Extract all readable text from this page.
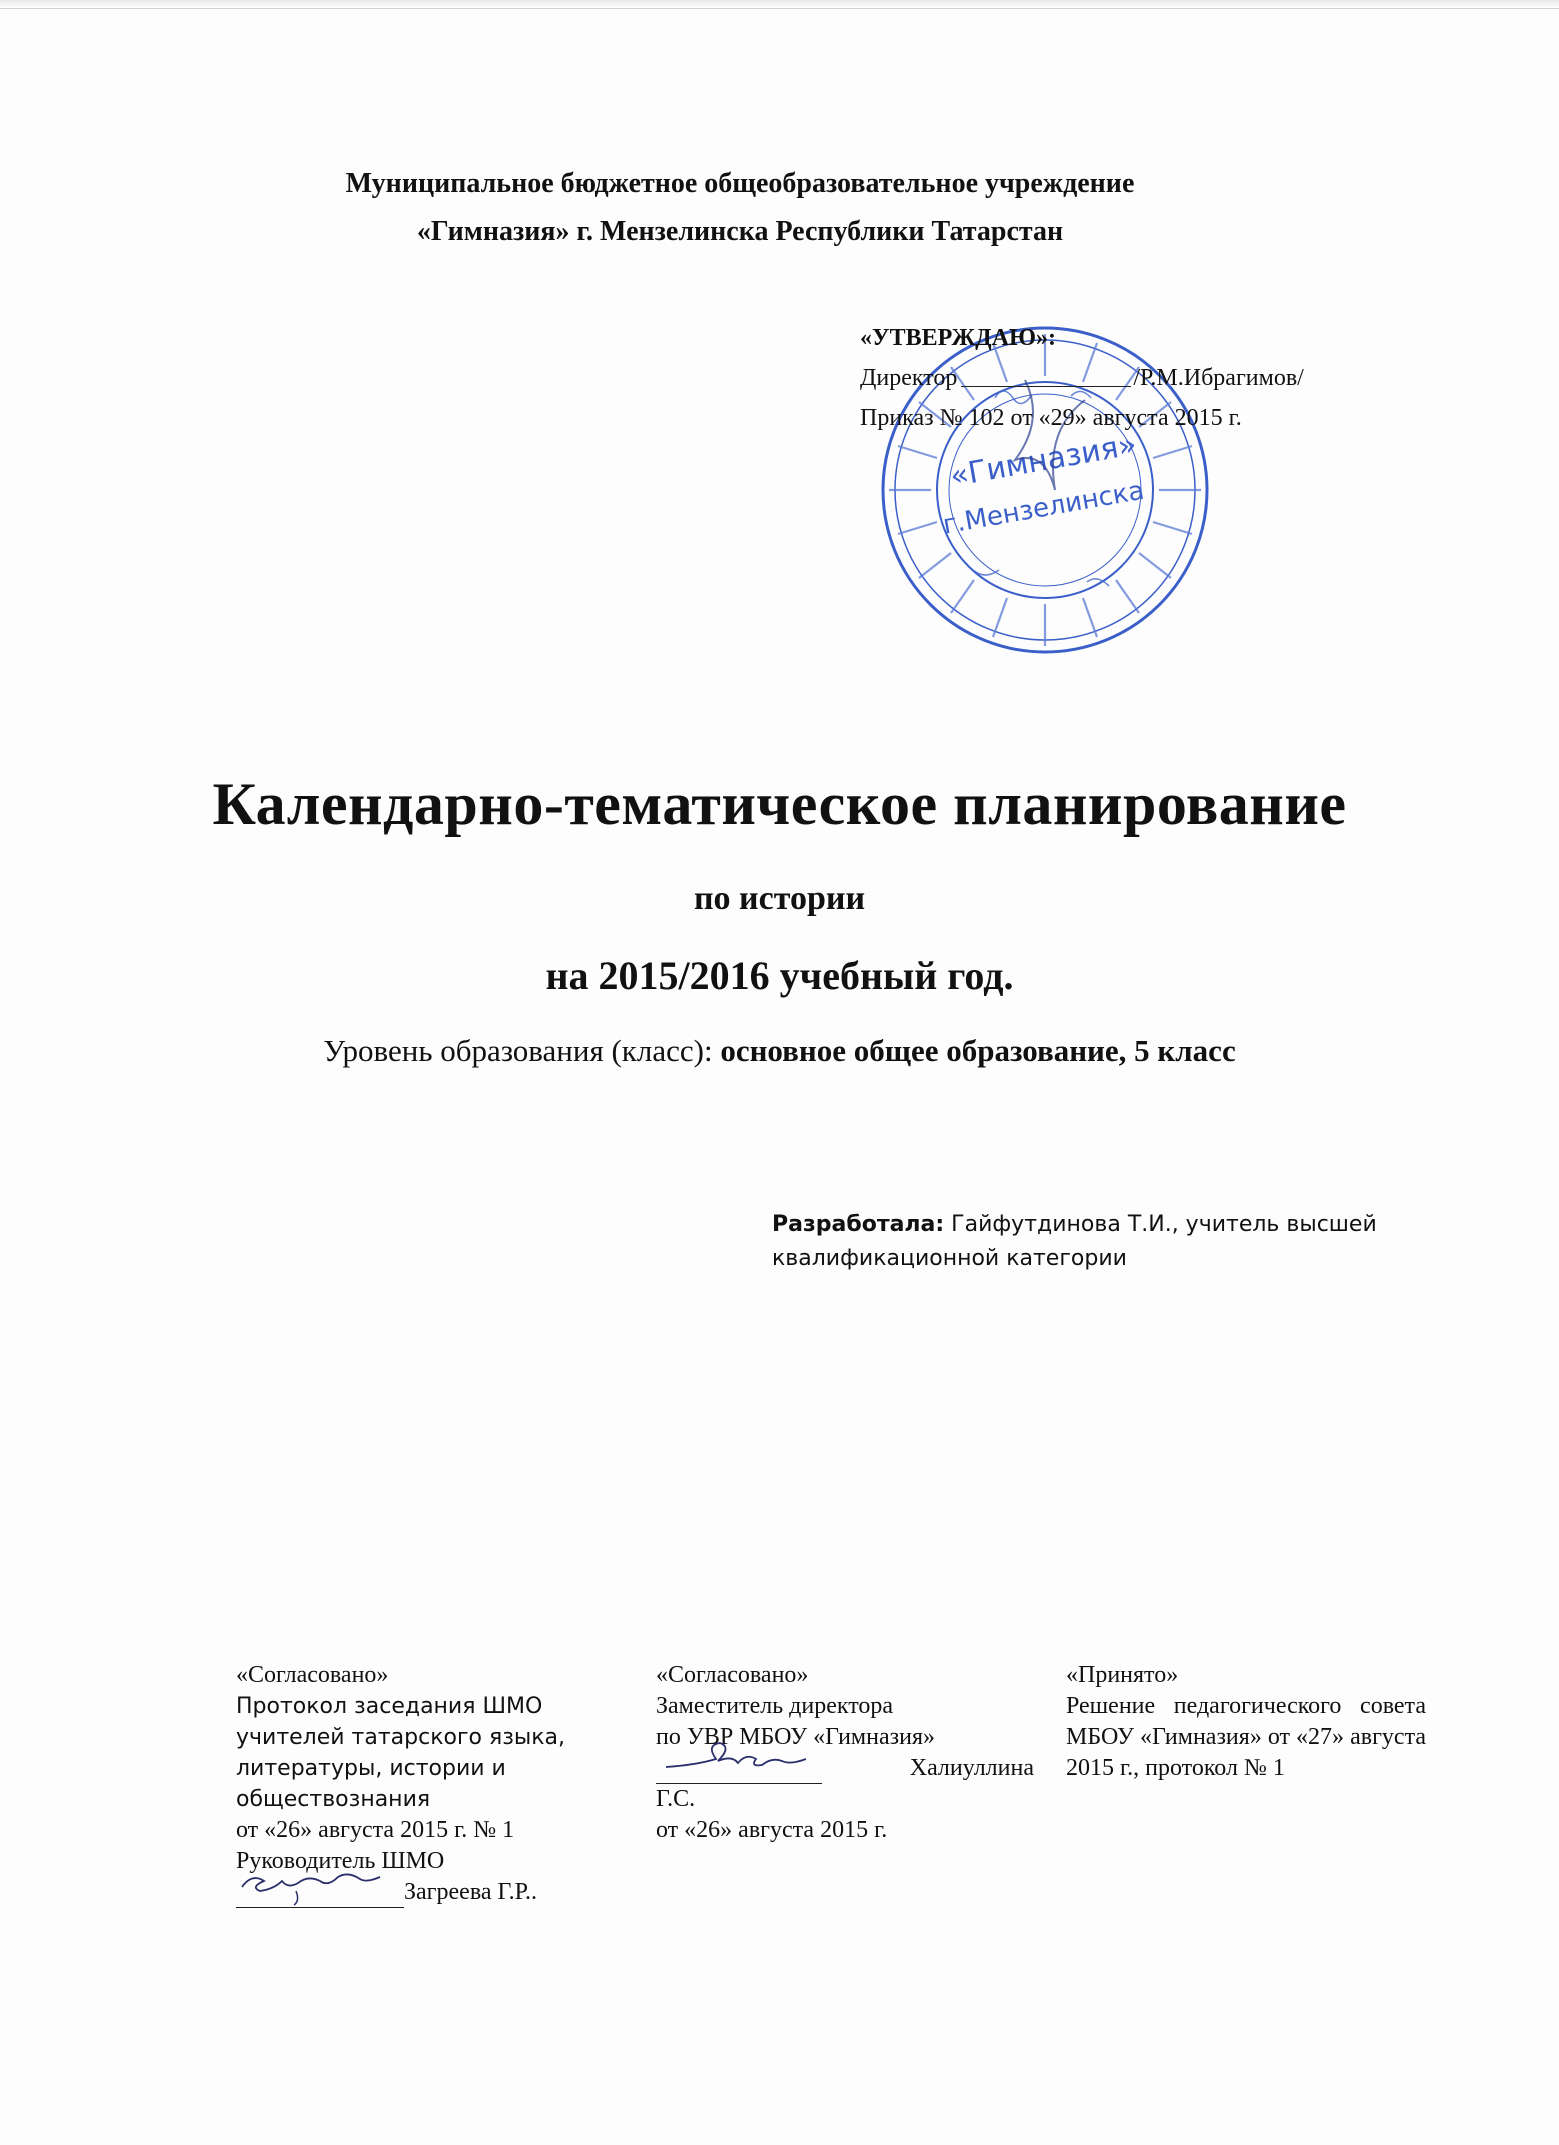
Муниципальное бюджетное общеобразовательное учреждение
«Гимназия» г. Мензелинска Республики Татарстан
«Гимназия»
г.Мензелинска
«УТВЕРЖДАЮ»:
Директор	/Р.М.Ибрагимов/
Приказ № 102 от «29» августа 2015 г.
Календарно-тематическое планирование
по истории
на 2015/2016 учебный год.
Уровень образования (класс): основное общее образование, 5 класс
Разработала: Гайфутдинова Т.И., учитель высшей квалификационной категории
«Согласовано»
Протокол заседания ШМО
учителей татарского языка,
литературы, истории и
обществознания
от «26» августа 2015 г. № 1
Руководитель ШМО
Загреева Г.Р..
«Согласовано»
Заместитель директора
по УВР МБОУ «Гимназия»
Халиуллина
Г.С.
от «26» августа 2015 г.
«Принято»
Решение педагогического совета МБОУ «Гимназия» от «27» августа 2015 г., протокол № 1
